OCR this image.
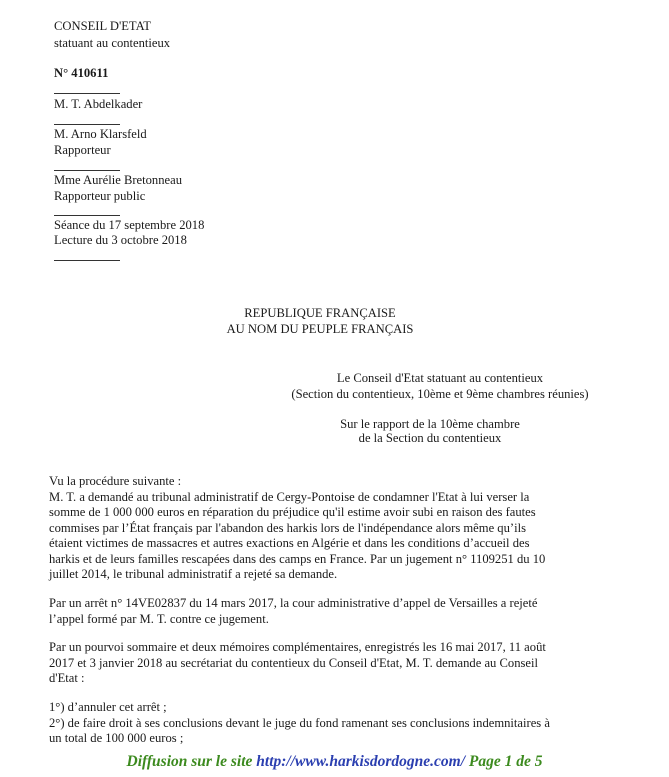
CONSEIL D'ETAT
statuant au contentieux
N° 410611
M. T. Abdelkader
M. Arno Klarsfeld
Rapporteur
Mme Aurélie Bretonneau
Rapporteur public
Séance du 17 septembre 2018
Lecture du 3 octobre 2018
REPUBLIQUE FRANÇAISE
AU NOM DU PEUPLE FRANÇAIS
Le Conseil d'Etat statuant au contentieux
(Section du contentieux, 10ème et 9ème chambres réunies)
Sur le rapport de la 10ème chambre
de la Section du contentieux
Vu la procédure suivante :
M. T. a demandé au tribunal administratif de Cergy-Pontoise de condamner l'Etat à lui verser la
somme de 1 000 000 euros en réparation du préjudice qu'il estime avoir subi en raison des fautes
commises par l’État français par l'abandon des harkis lors de l'indépendance alors même qu’ils
étaient victimes de massacres et autres exactions en Algérie et dans les conditions d’accueil des
harkis et de leurs familles rescapées dans des camps en France. Par un jugement n° 1109251 du 10
juillet 2014, le tribunal administratif a rejeté sa demande.
Par un arrêt n° 14VE02837 du 14 mars 2017, la cour administrative d’appel de Versailles a rejeté
l’appel formé par M. T. contre ce jugement.
Par un pourvoi sommaire et deux mémoires complémentaires, enregistrés les 16 mai 2017, 11 août
2017 et 3 janvier 2018 au secrétariat du contentieux du Conseil d'Etat, M. T. demande au Conseil
d'Etat :
1°) d’annuler cet arrêt ;
2°) de faire droit à ses conclusions devant le juge du fond ramenant ses conclusions indemnitaires à
un total de 100 000 euros ;
Diffusion sur le site http://www.harkisdordogne.com/ Page 1 de 5
